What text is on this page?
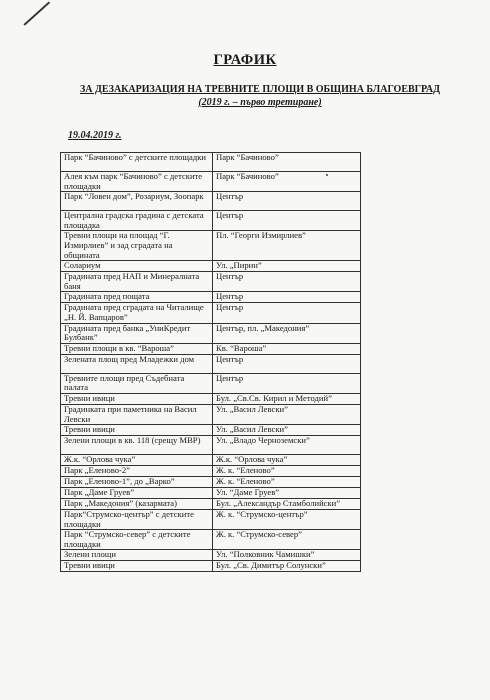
ГРАФИК
ЗА ДЕЗАКАРИЗАЦИЯ НА ТРЕВНИТЕ ПЛОЩИ В ОБЩИНА БЛАГОЕВГРАД
(2019 г. – първо третиране)
19.04.2019 г.
Парк “Бачиново” с детските площадки	Парк “Бачиново”
Алея към парк “Бачиново” с детските площадки	Парк “Бачиново”
Парк “Ловен дом”, Розариум, Зоопарк	Център
Централна градска градина с детската площадка	Център
Тревни площи на площад “Г. Измирлиев” и зад сградата на общината	Пл. “Георги Измирлиев”
Солариум	Ул. „Пирин”
Градината пред НАП и Минералната баня	Център
Градината пред пощата	Център
Градината пред сградата на Читалище „Н. Й. Вапцаров”	Център
Градината пред банка „УниКредит Булбанк”	Център, пл. „Македония”
Тревни площи в кв. “Вароша”	Кв. “Вароша”
Зелената площ пред Младежки дом	Център
Тревните площи пред Съдебната палата	Център
Тревни ивици	Бул. „Св.Св. Кирил и Методий”
Градинката при паметника на Васил Левски	Ул. „Васил Левски”
Тревни ивици	Ул. „Васил Левски”
Зелени площи в кв. 118 (срещу МВР)	Ул. „Владо Черноземски”
Ж.к. “Орлова чука”	Ж.к. “Орлова чука”
Парк „Еленово-2”	Ж. к. “Еленово”
Парк „Еленово-1”, до „Варко”	Ж. к. “Еленово”
Парк „Даме Груев”	Ул. “Даме Груев”
Парк „Македония” (казармата)	Бул. „Александър Стамболийски”
Парк“Струмско-център” с детските площадки	Ж. к. “Струмско-център”
Парк “Струмско-север” с детските площадки	Ж. к. “Струмско-север”
Зелени площи	Ул. “Полковник Чамишки”
Тревни ивици	Бул. „Св. Димитър Солунски”
